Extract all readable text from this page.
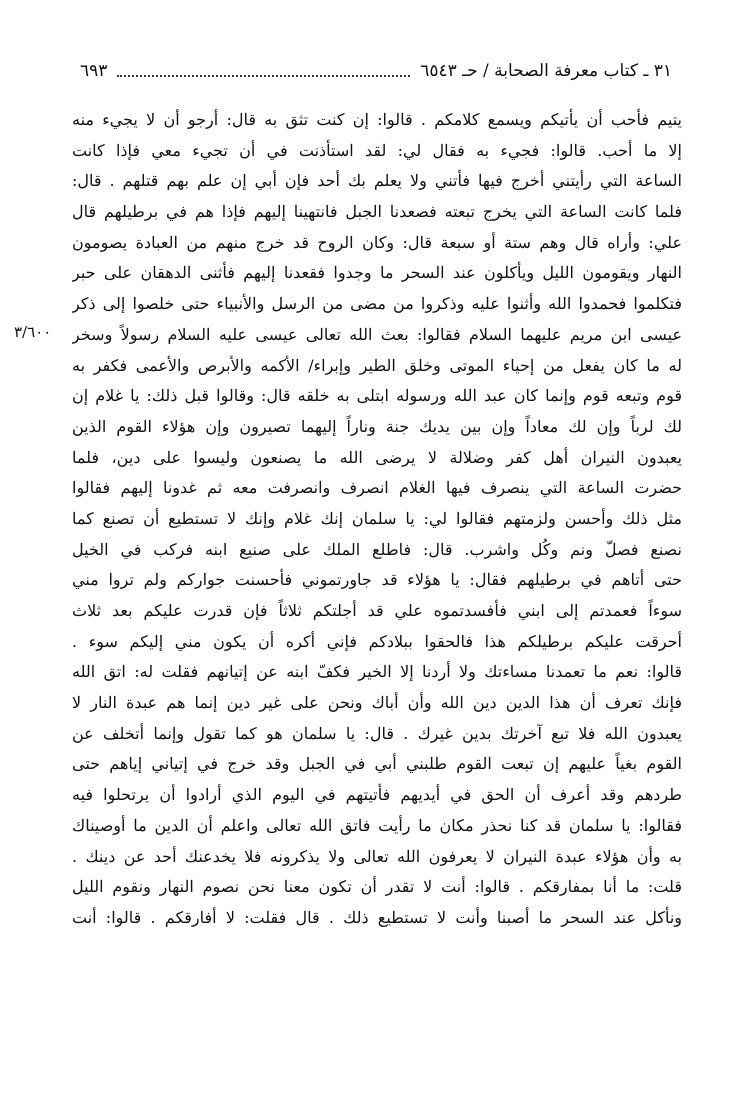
٣١ ـ كتاب معرفة الصحابة / حـ ٦٥٤٣
٦٩٣
يتيم فأحب أن يأتيكم ويسمع كلامكم . قالوا: إن كنت تثق به قال: أرجو أن لا يجيء منه
إلا ما أحب. قالوا: فجيء به فقال لي: لقد استأذنت في أن تجيء معي فإذا كانت
الساعة التي رأيتني أخرج فيها فأتني ولا يعلم بك أحد فإن أبي إن علم بهم قتلهم . قال:
فلما كانت الساعة التي يخرج تبعته فصعدنا الجبل فانتهينا إليهم فإذا هم في برطيلهم قال
علي: وأراه قال وهم ستة أو سبعة قال: وكان الروح قد خرج منهم من العبادة يصومون
النهار ويقومون الليل ويأكلون عند السحر ما وجدوا فقعدنا إليهم فأثنى الدهقان على حبر
فتكلموا فحمدوا الله وأثنوا عليه وذكروا من مضى من الرسل والأنبياء حتى خلصوا إلى ذكر
عيسى ابن مريم عليهما السلام فقالوا: بعث الله تعالى عيسى عليه السلام رسولاً وسخر
له ما كان يفعل من إحياء الموتى وخلق الطير وإبراء/ الأكمه والأبرص والأعمى فكفر به
قوم وتبعه قوم وإنما كان عبد الله ورسوله ابتلى به خلقه قال: وقالوا قبل ذلك: يا غلام إن
لك لرباً وإن لك معاداً وإن بين يديك جنة وناراً إليهما تصيرون وإن هؤلاء القوم الذين
يعبدون النيران أهل كفر وضلالة لا يرضى الله ما يصنعون وليسوا على دين، فلما
حضرت الساعة التي ينصرف فيها الغلام انصرف وانصرفت معه ثم غدونا إليهم فقالوا
مثل ذلك وأحسن ولزمتهم فقالوا لي: يا سلمان إنك غلام وإنك لا تستطيع أن تصنع كما
نصنع فصلّ ونم وكُل واشرب. قال: فاطلع الملك على صنيع ابنه فركب في الخيل
حتى أتاهم في برطيلهم فقال: يا هؤلاء قد جاورتموني فأحسنت جواركم ولم تروا مني
سوءاً فعمدتم إلى ابني فأفسدتموه علي قد أجلتكم ثلاثاً فإن قدرت عليكم بعد ثلاث
أحرقت عليكم برطيلكم هذا فالحقوا ببلادكم فإني أكره أن يكون مني إليكم سوء .
قالوا: نعم ما تعمدنا مساءتك ولا أردنا إلا الخير فكفّ ابنه عن إتيانهم فقلت له: اتق الله
فإنك تعرف أن هذا الدين دين الله وأن أباك ونحن على غير دين إنما هم عبدة النار لا
يعبدون الله فلا تبع آخرتك بدين غيرك . قال: يا سلمان هو كما تقول وإنما أتخلف عن
القوم بغياً عليهم إن تبعت القوم طلبني أبي في الجبل وقد خرج في إتياني إياهم حتى
طردهم وقد أعرف أن الحق في أيديهم فأتيتهم في اليوم الذي أرادوا أن يرتحلوا فيه
فقالوا: يا سلمان قد كنا نحذر مكان ما رأيت فاتق الله تعالى واعلم أن الدين ما أوصيناك
به وأن هؤلاء عبدة النيران لا يعرفون الله تعالى ولا يذكرونه فلا يخدعنك أحد عن دينك .
قلت: ما أنا بمفارقكم . قالوا: أنت لا تقدر أن تكون معنا نحن نصوم النهار ونقوم الليل
ونأكل عند السحر ما أصبنا وأنت لا تستطيع ذلك . قال فقلت: لا أفارقكم . قالوا: أنت
٣/٦٠٠
